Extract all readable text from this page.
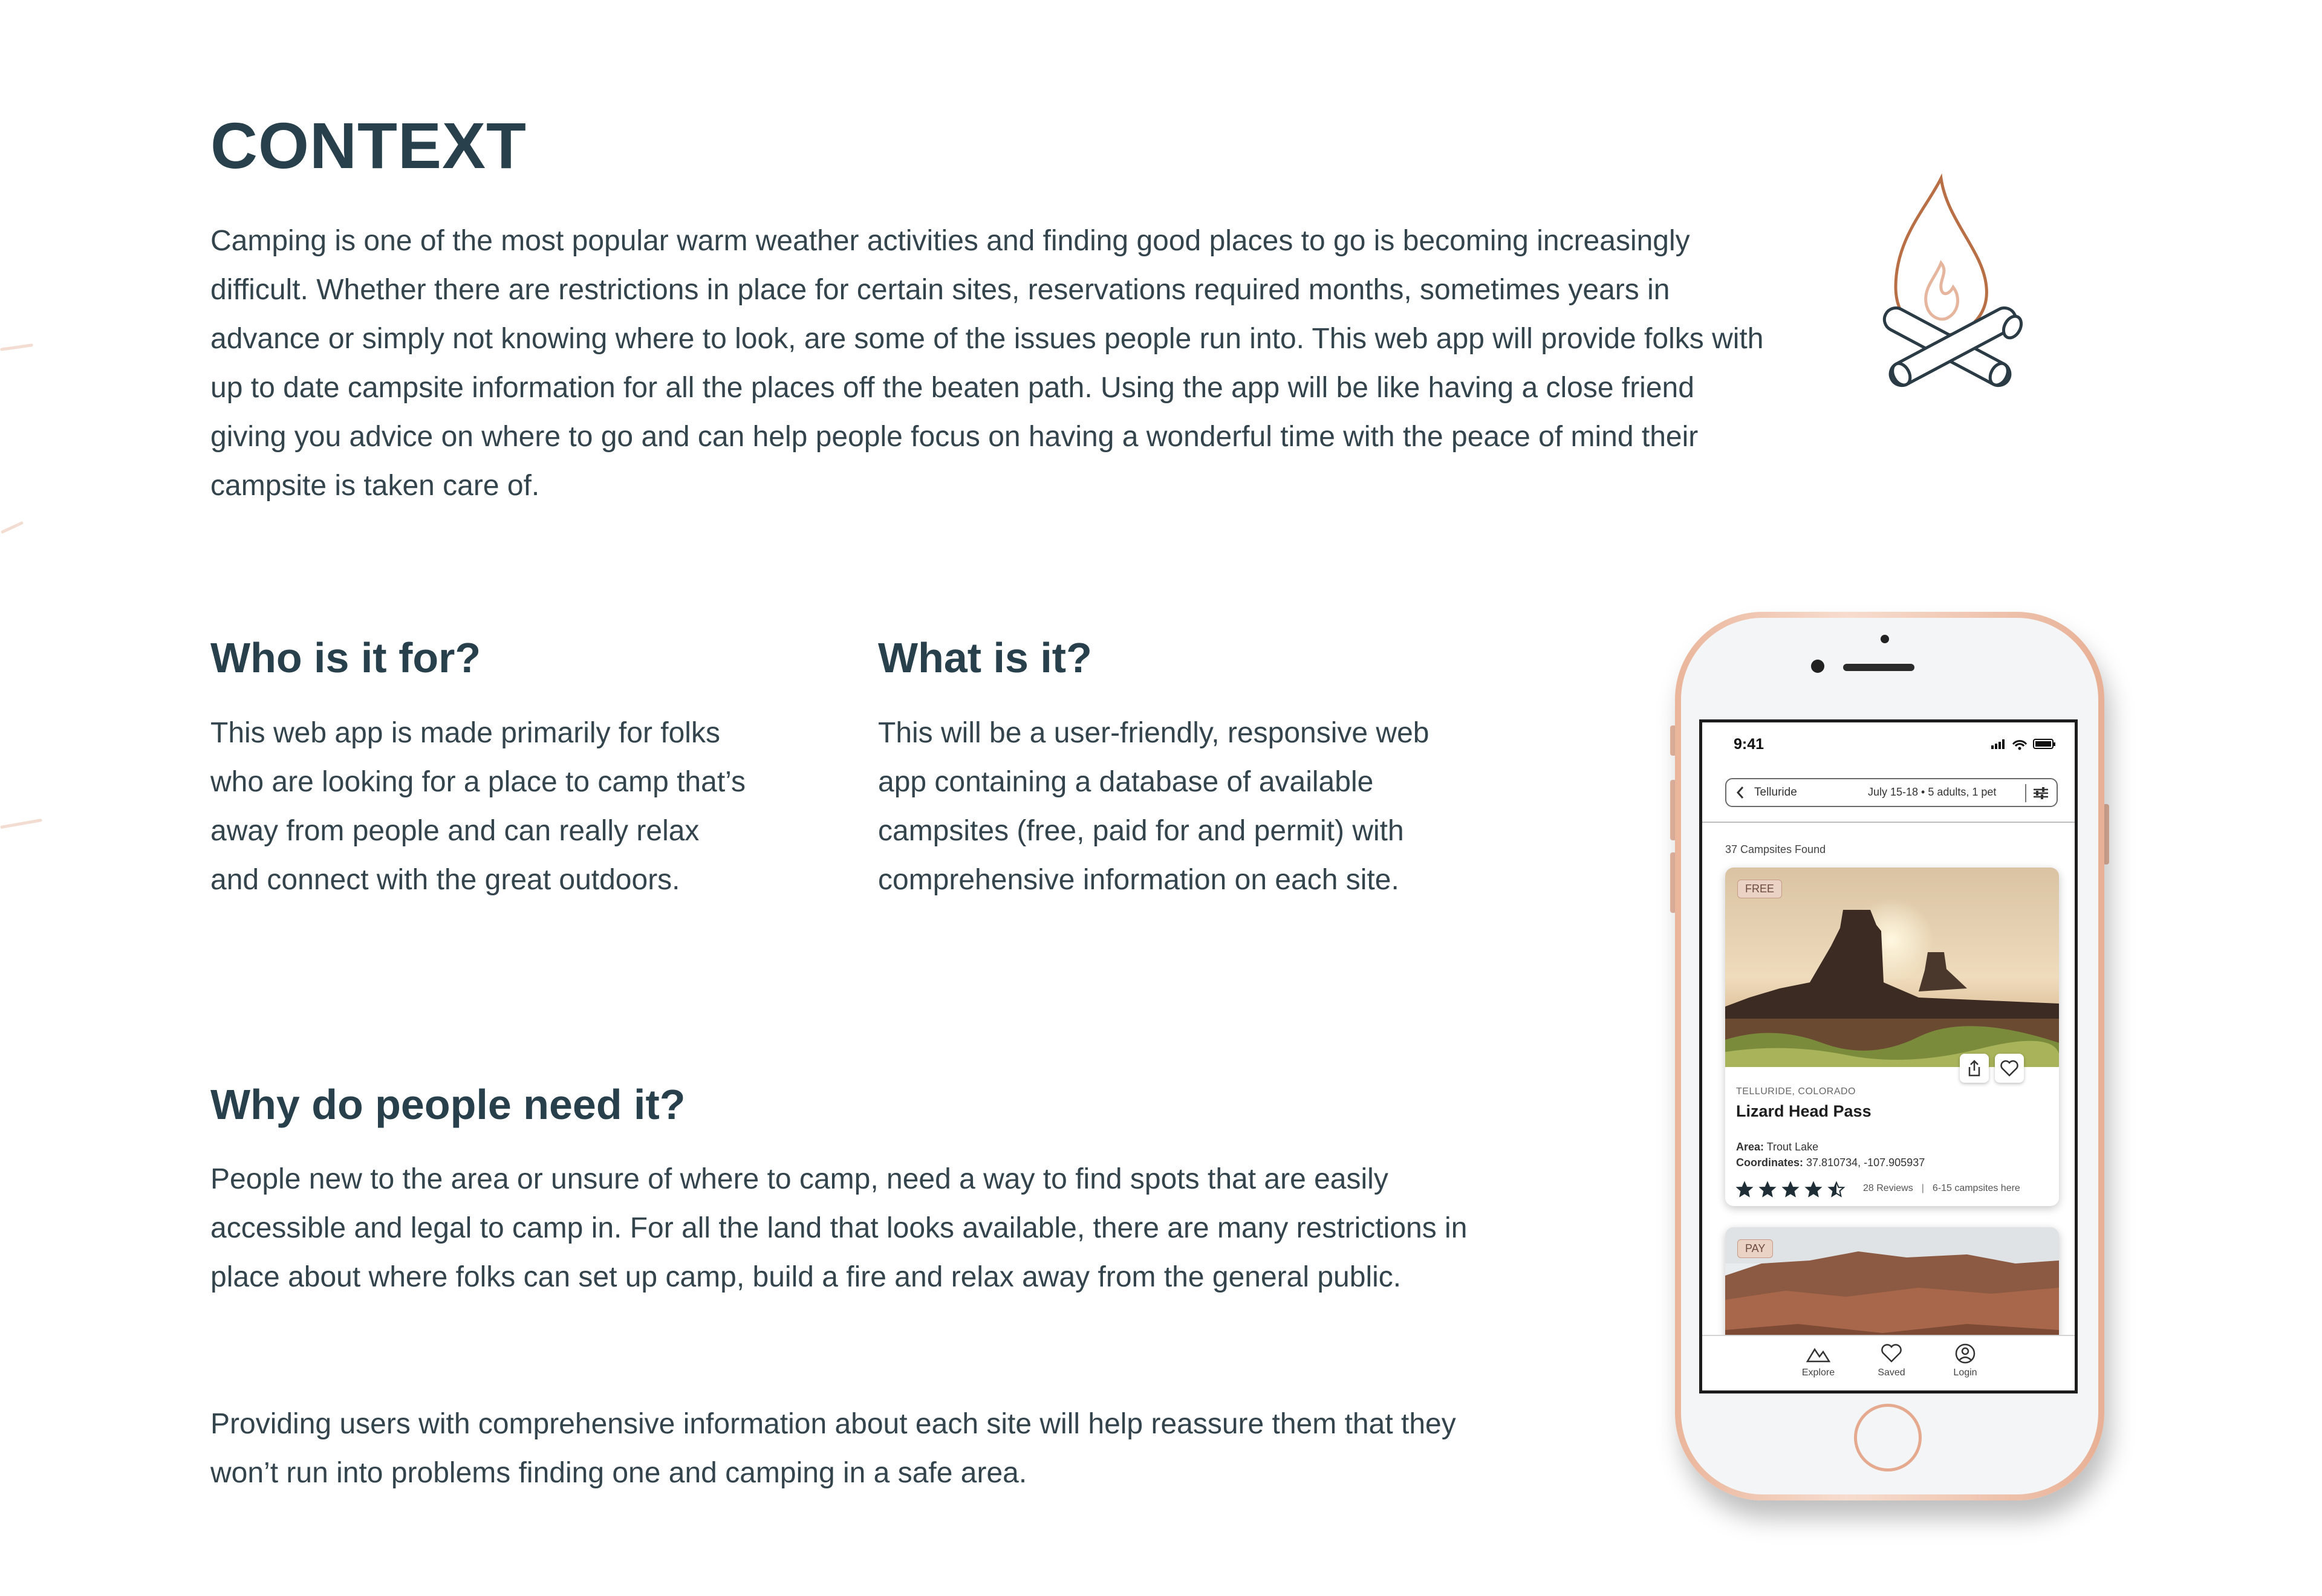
CONTEXT

Camping is one of the most popular warm weather activities and finding good places to go is becoming increasingly difficult. Whether there are restrictions in place for certain sites, reservations required months, sometimes years in advance or simply not knowing where to look, are some of the issues people run into. This web app will provide folks with up to date campsite information for all the places off the beaten path. Using the app will be like having a close friend giving you advice on where to go and can help people focus on having a wonderful time with the peace of mind their campsite is taken care of.

Who is it for?

This web app is made primarily for folks who are looking for a place to camp that’s away from people and can really relax and connect with the great outdoors.

What is it?

This will be a user-friendly, responsive web app containing a database of available campsites (free, paid for and permit) with comprehensive information on each site.

Why do people need it?

People new to the area or unsure of where to camp, need a way to find spots that are easily accessible and legal to camp in. For all the land that looks available, there are many restrictions in place about where folks can set up camp, build a fire and relax away from the general public.

Providing users with comprehensive information about each site will help reassure them that they won’t run into problems finding one and camping in a safe area.

9:41
Telluride	July 15-18 • 5 adults, 1 pet
37 Campsites Found
FREE
TELLURIDE, COLORADO
Lizard Head Pass
Area: Trout Lake
Coordinates: 37.810734, -107.905937
28 Reviews | 6-15 campsites here
PAY
Explore	Saved	Login
